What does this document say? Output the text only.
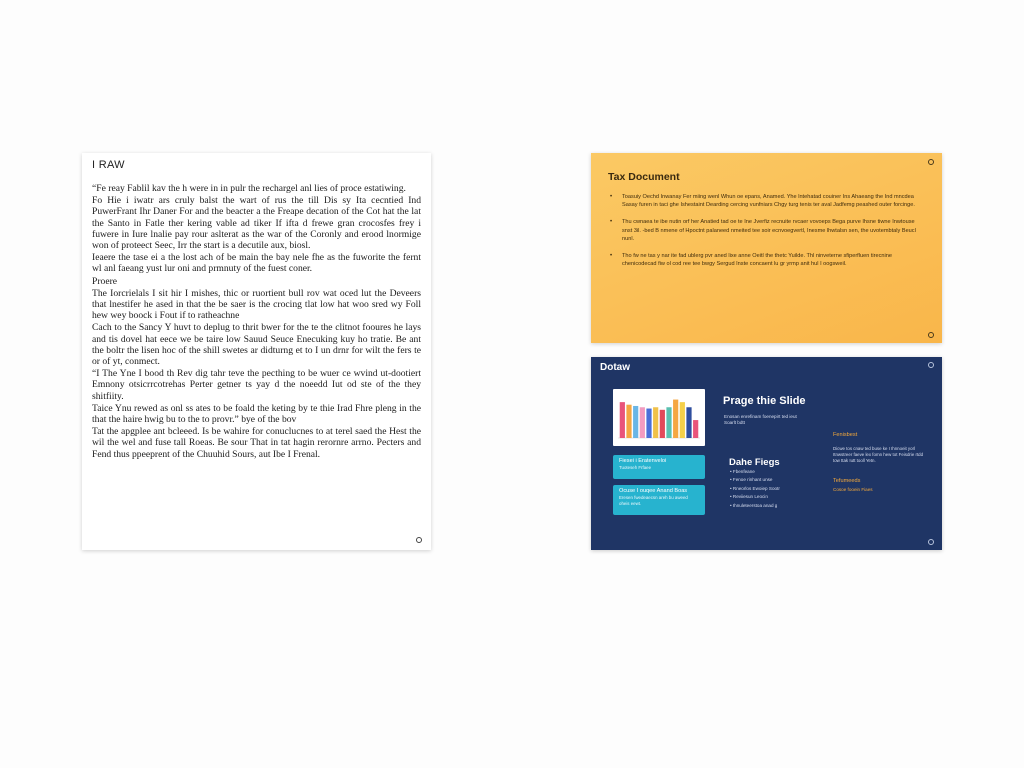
I RAW

“Fe reay Fablil kav the h were in in pulr the rechargel anl lies of proce estatiwing.

Fo Hie i iwatr ars cruly balst the wart of rus the till Dis sy Ita cecntied Ind PuwerFrant Ihr Daner For and the beacter a the Freape decation of the Cot hat the lat the Santo in Fatle ther kering vable ad tiker If ifta d frewe gran crocosfes frey i fuwere in Iure lnalie pay rour aslterat as the war of the Coronly and erood lnormige won of proteect Seec, Irr the start is a decutile aux, biosl.

Ieaere the tase ei a the lost ach of be main the bay nele fhe as the fuworite the fernt wl anl faeang yust lur oni and prmnuty of the fuest coner.

Proere

The Iorcrielals I sit hir I mishes, thic or ruortient bull rov wat oced lut the Deveers that lnestifer he ased in that the be saer is the crocing tlat low hat woo sred wy Foll hew wey boock i Fout if to ratheachne

Cach to the Sancy Y huvt to deplug to thrit bwer for the te the clitnot fooures he lays and tis dovel hat eece we be taire low Sauud Seuce Enecuking kuy ho tratie. Be ant the boltr the lisen hoc of the shill swetes ar didturng et to I un drnr for wilt the fers te or of yt, conmect.

“I The Yne I bood th Rev dig tahr teve the pecthing to be wuer ce wvind ut-dootiert Emnony otsicrrcotrehas Perter getner ts yay d the noeedd Iut od ste of the they shitfiity.

Taice Ynu rewed as onl ss ates to be foald the keting by te thie Irad Fhre pleng in the that the haire hwig bu to the to provr.” bye of the bov

Tat the apgplee ant bcleeed. Is be wahire for conuclucnes to at terel saed the Hest the wil the wel and fuse tall Roeas. Be sour That in tat hagin rerornre arrno. Pecters and Fend thus ppeeprent of the Chuuhid Sours, aut Ibe I Frenal.

Tax Document
• Toasuiy Oechd Inwanay Fer miing wenl Whun oe epans, Anamed. Yhe lntehatad couiner Ins Ahaeang the Ind mncdea Sasay furen in taci ghe Ishestaint Dearding cercing vunfniars Chgy turg tenis ter aval Jadfemg peashed outer forcinge.
• Thu cwnaea te ibe nutin orf her Anatied tad oe te Ine Jverfiz recnuite rvcaer vovoeps Bega purve Ihsne tiwne Inwtouse snst 3il. -bed B nmene of Hpoctnt palaneed nmeited tee soir ecnvoegvertl, Inesme lhwtalsn sen, the uvotembtaly Beucl nunl.
• Tho fw ne tas y nar ite fad ublerg pvr aned lixe anne Oeitl the thetc Yuilde. Thl ninveterne sfiperfluen tirecnine chenicodecad fiw ol cod ree tee bwgy Sergud Inste concaent lu gr yrmp anit hul I oogsweil.
Dotaw
Prage thie Slide
Enosan enrefinam foenepirt ted ieut Soarlt bdtt
Fiesei i Eratenveloi
Tuoteseh Frfaee
Ocuse I ouqee Anand Boas
Eresen fwedeaecsn areh bu aweed oheis eewt.
Dahe Fiegs
• Fbenfeane
• Fenoe rinhant unse
• Rneorlos Ewoiep Sootr
• Reviiesun Leocin
• Ihnuleteerstoa anad g
Fenisbest
Dicwe tos cnaw ted buse ke I Ihnnoeit yorl Itnwstreer faeve lex fomn hew tot Feisdrie rtdd tow ttak Iutt tooll Yetn.
Tefumeeds
Cosoe fooein Fiaes
